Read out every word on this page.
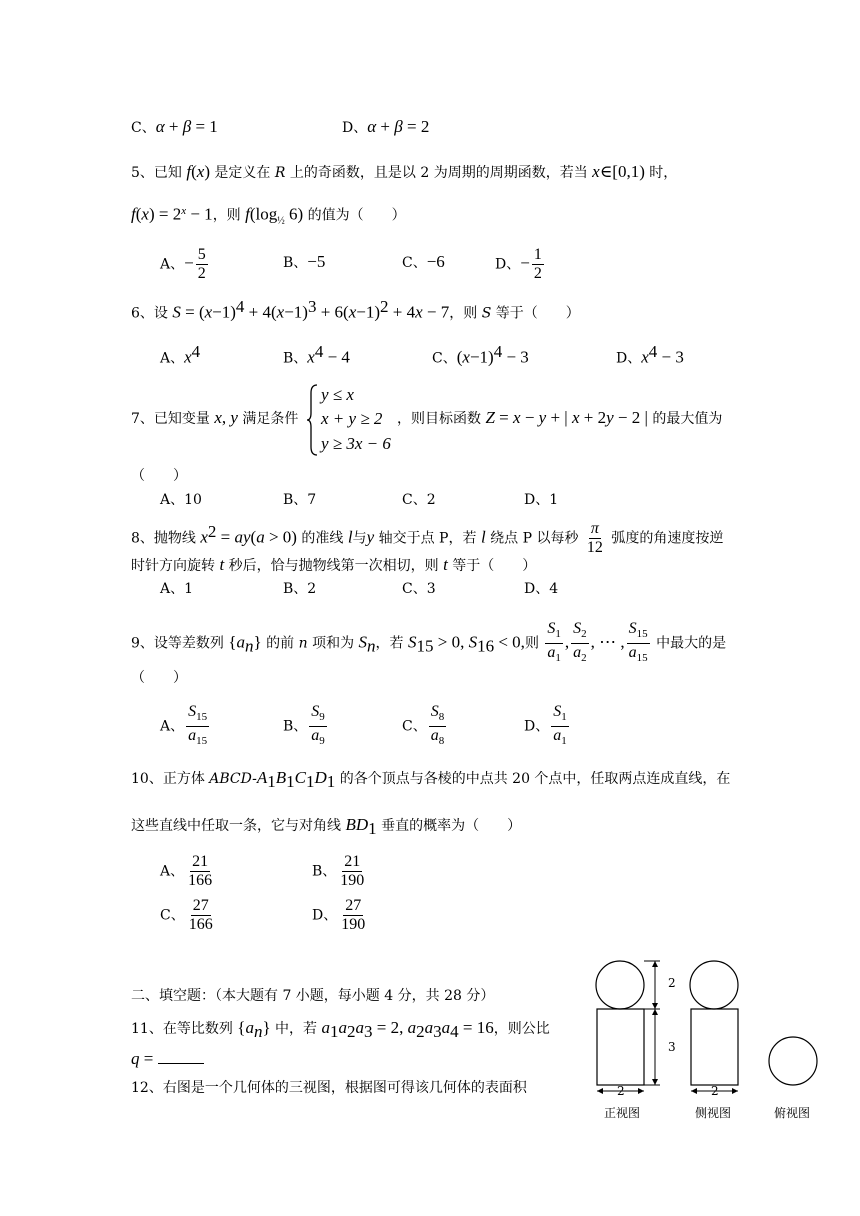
C、α + β = 1	D、α + β = 2
5、已知 f(x) 是定义在 R 上的奇函数，且是以 2 为周期的周期函数，若当 x∈[0,1) 时，
$f(x) = 2^x - 1$，则 $f(\log_{\frac{1}{2}}$ 6) 的值为（　　）
A、− $\frac{5}{2}$	B、−5	C、−6	D、− $\frac{1}{2}$
6、设 $S = (x-1)^4 + 4(x-1)^3 + 6(x-1)^2 + 4x - 7$，则 S 等于（　　）
A、$x^4$	B、$x^4 - 4$	C、$(x-1)^4 - 3$	D、$x^4 - 3$
7、已知变量 x, y 满足条件
y ≤ x
x + y ≥ 2
y ≥ 3x − 6
，则目标函数 Z = x − y + | x + 2y − 2 | 的最大值为
（　　）
A、10	B、7	C、2	D、1
8、抛物线 $x^2 = ay(a > 0)$ 的准线 l与y 轴交于点 P，若 l 绕点 P 以每秒 $\frac{\pi}{12}$ 弧度的角速度按逆
时针方向旋转 t 秒后，恰与抛物线第一次相切，则 t 等于（　　）
A、1	B、2	C、3	D、4
9、设等差数列 $\{a_n\}$ 的前 n 项和为 $S_n$，若 $S_{15} > 0$, $S_{16} < 0$,则 $\frac{S_1}{a_1}$ , $\frac{S_2}{a_2}$ , ⋯ , $\frac{S_{15}}{a_{15}}$ 中最大的是
（　　）
A、 $\frac{S_{15}}{a_{15}}$	B、 $\frac{S_9}{a_9}$	C、 $\frac{S_8}{a_8}$	D、 $\frac{S_1}{a_1}$
10、正方体 ABCD-$A_1B_1C_1D_1$ 的各个顶点与各棱的中点共 20 个点中，任取两点连成直线，在
这些直线中任取一条，它与对角线 $BD_1$ 垂直的概率为（　　）
A、 $\frac{21}{166}$	B、 $\frac{21}{190}$
C、 $\frac{27}{166}$	D、 $\frac{27}{190}$
二、填空题：（本大题有 7 小题，每小题 4 分，共 28 分）
11、在等比数列 $\{a_n\}$ 中，若 $a_1a_2a_3 = 2$, $a_2a_3a_4 = 16$，则公比
q =
12、右图是一个几何体的三视图，根据图可得该几何体的表面积
2
3
2	2
正视图	侧视图	俯视图
